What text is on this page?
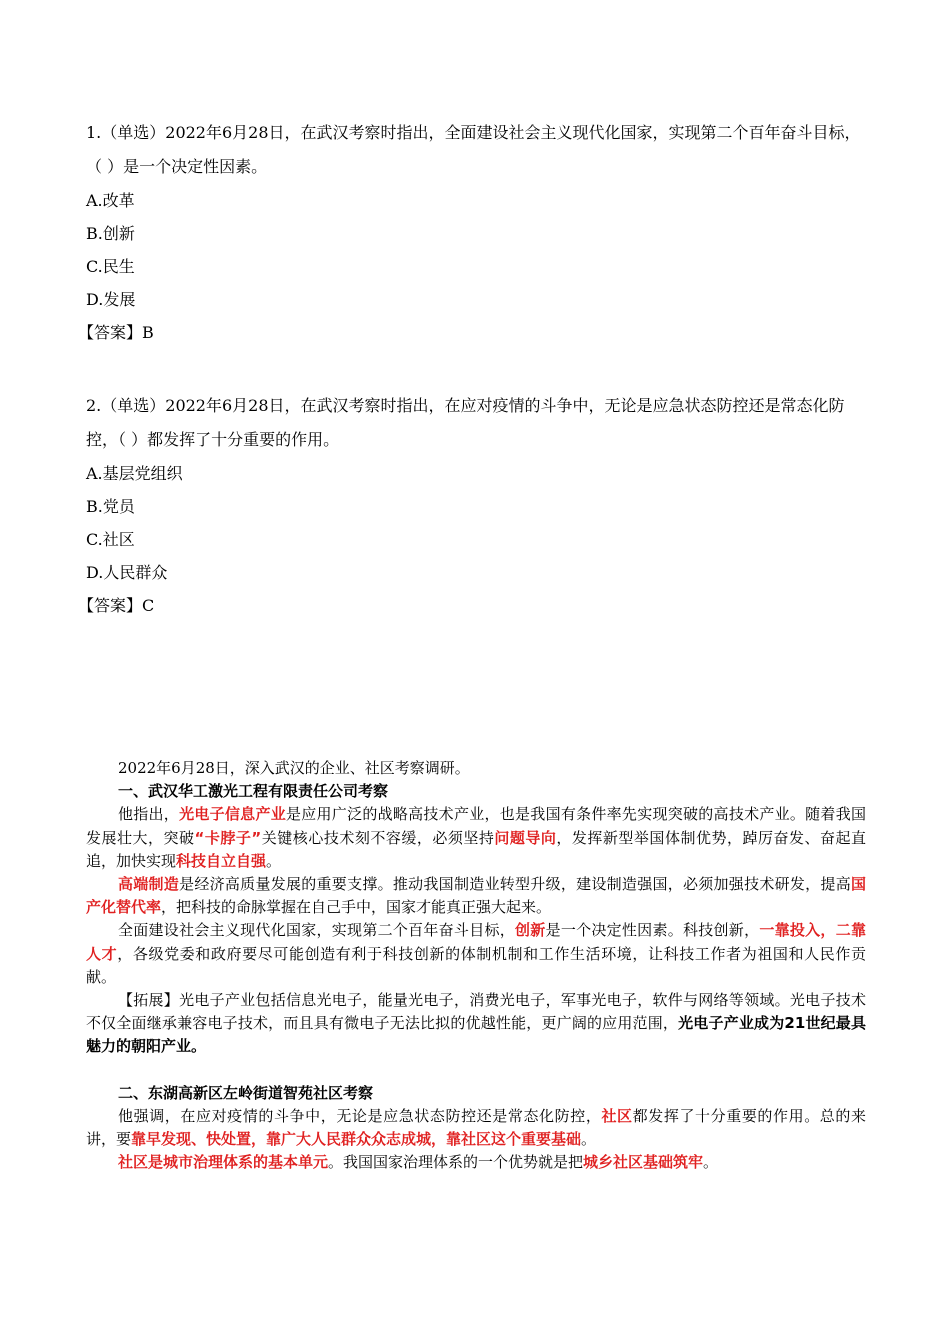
1.（单选）2022年6月28日，在武汉考察时指出，全面建设社会主义现代化国家，实现第二个百年奋斗目标，（ ）是一个决定性因素。

A.改革

B.创新

C.民生

D.发展

【答案】B

2.（单选）2022年6月28日，在武汉考察时指出，在应对疫情的斗争中，无论是应急状态防控还是常态化防控，（ ）都发挥了十分重要的作用。

A.基层党组织

B.党员

C.社区

D.人民群众

【答案】C

2022年6月28日，深入武汉的企业、社区考察调研。

一、武汉华工激光工程有限责任公司考察

他指出，光电子信息产业是应用广泛的战略高技术产业，也是我国有条件率先实现突破的高技术产业。随着我国发展壮大，突破“卡脖子”关键核心技术刻不容缓，必须坚持问题导向，发挥新型举国体制优势，踔厉奋发、奋起直追，加快实现科技自立自强。

高端制造是经济高质量发展的重要支撑。推动我国制造业转型升级，建设制造强国，必须加强技术研发，提高国产化替代率，把科技的命脉掌握在自己手中，国家才能真正强大起来。

全面建设社会主义现代化国家，实现第二个百年奋斗目标，创新是一个决定性因素。科技创新，一靠投入，二靠人才，各级党委和政府要尽可能创造有利于科技创新的体制机制和工作生活环境，让科技工作者为祖国和人民作贡献。

【拓展】光电子产业包括信息光电子，能量光电子，消费光电子，军事光电子，软件与网络等领域。光电子技术不仅全面继承兼容电子技术，而且具有微电子无法比拟的优越性能，更广阔的应用范围，光电子产业成为21世纪最具魅力的朝阳产业。

二、东湖高新区左岭街道智苑社区考察

他强调，在应对疫情的斗争中，无论是应急状态防控还是常态化防控，社区都发挥了十分重要的作用。总的来讲，要靠早发现、快处置，靠广大人民群众众志成城，靠社区这个重要基础。

社区是城市治理体系的基本单元。我国国家治理体系的一个优势就是把城乡社区基础筑牢。
